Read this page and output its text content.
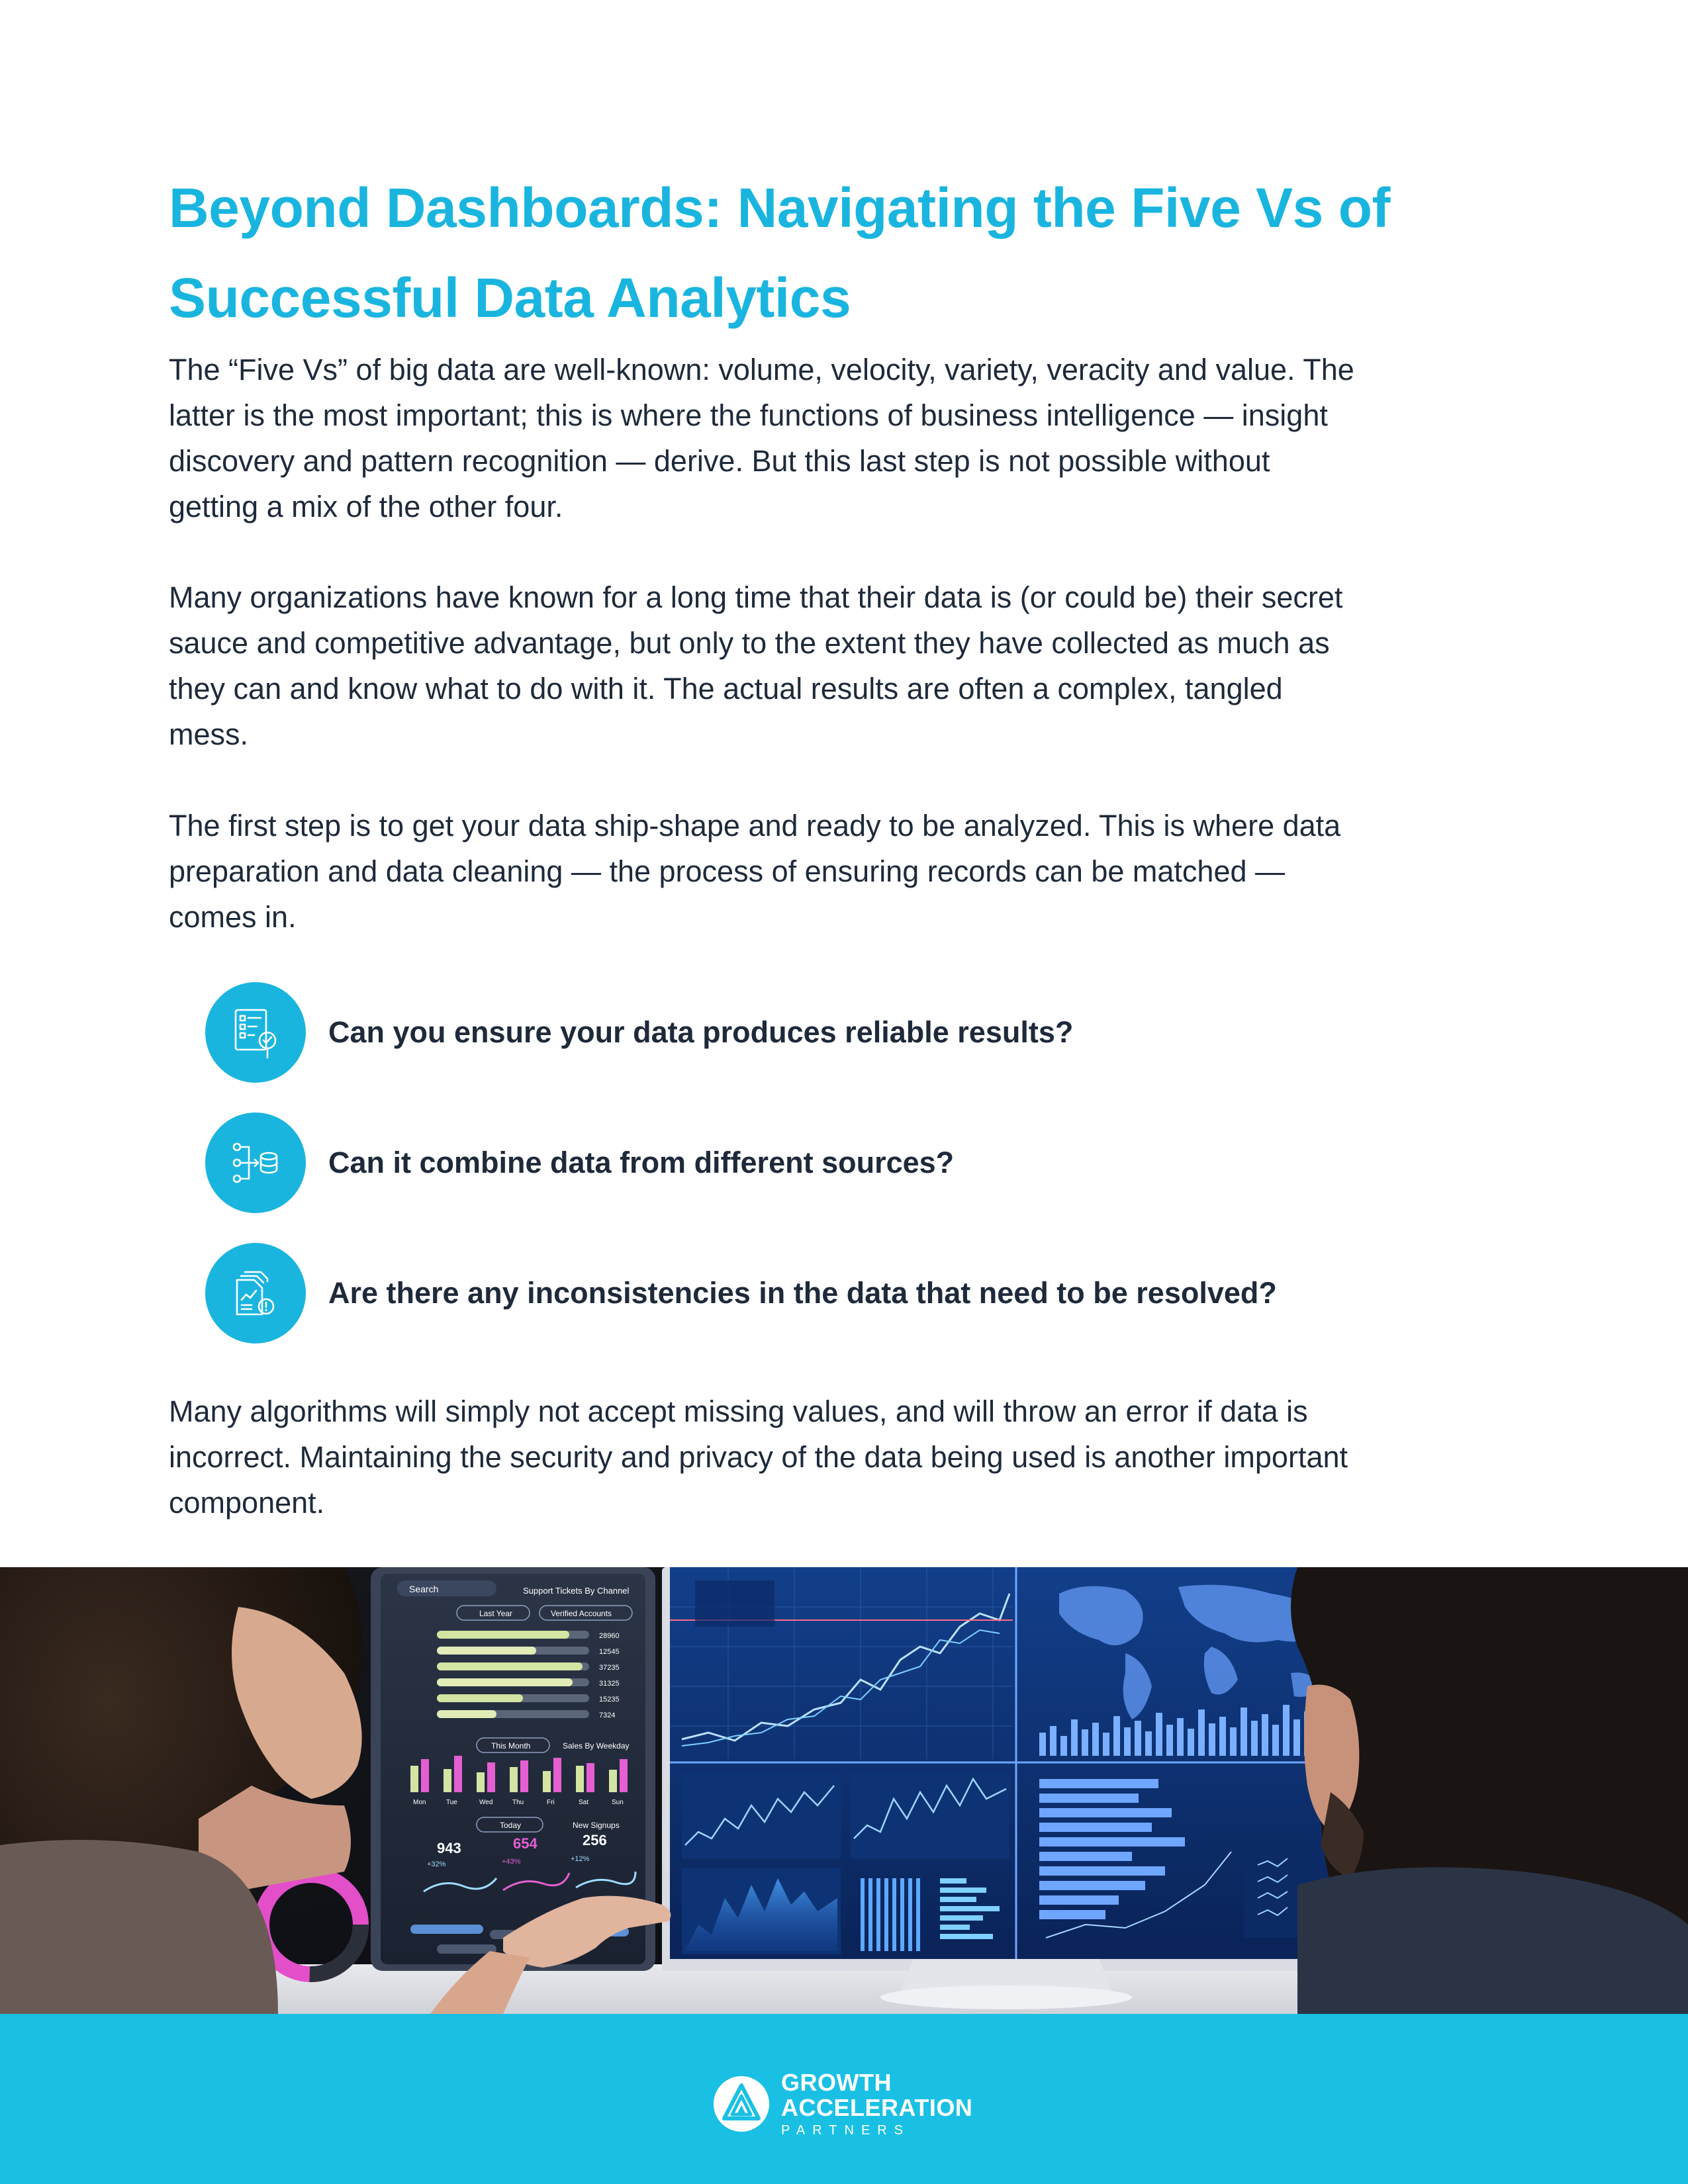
Beyond Dashboards: Navigating the Five Vs of
Successful Data Analytics
The “Five Vs” of big data are well-known: volume, velocity, variety, veracity and value. The
latter is the most important; this is where the functions of business intelligence — insight
discovery and pattern recognition — derive. But this last step is not possible without
getting a mix of the other four.
Many organizations have known for a long time that their data is (or could be) their secret
sauce and competitive advantage, but only to the extent they have collected as much as
they can and know what to do with it. The actual results are often a complex, tangled
mess.
The first step is to get your data ship-shape and ready to be analyzed. This is where data
preparation and data cleaning — the process of ensuring records can be matched —
comes in.
Can you ensure your data produces reliable results?
Can it combine data from different sources?
Are there any inconsistencies in the data that need to be resolved?
Many algorithms will simply not accept missing values, and will throw an error if data is
incorrect. Maintaining the security and privacy of the data being used is another important
component.
Search	Support Tickets By Channel
Last Year	Verified Accounts
28960
12545
37235
31325
15235
7324
This Month	Sales By Weekday
Mon	Tue	Wed	Thu	Fri	Sat	Sun
Today	New Signups
943	654	256
+32%	+43%	+12%
GROWTH
ACCELERATION
PARTNERS
